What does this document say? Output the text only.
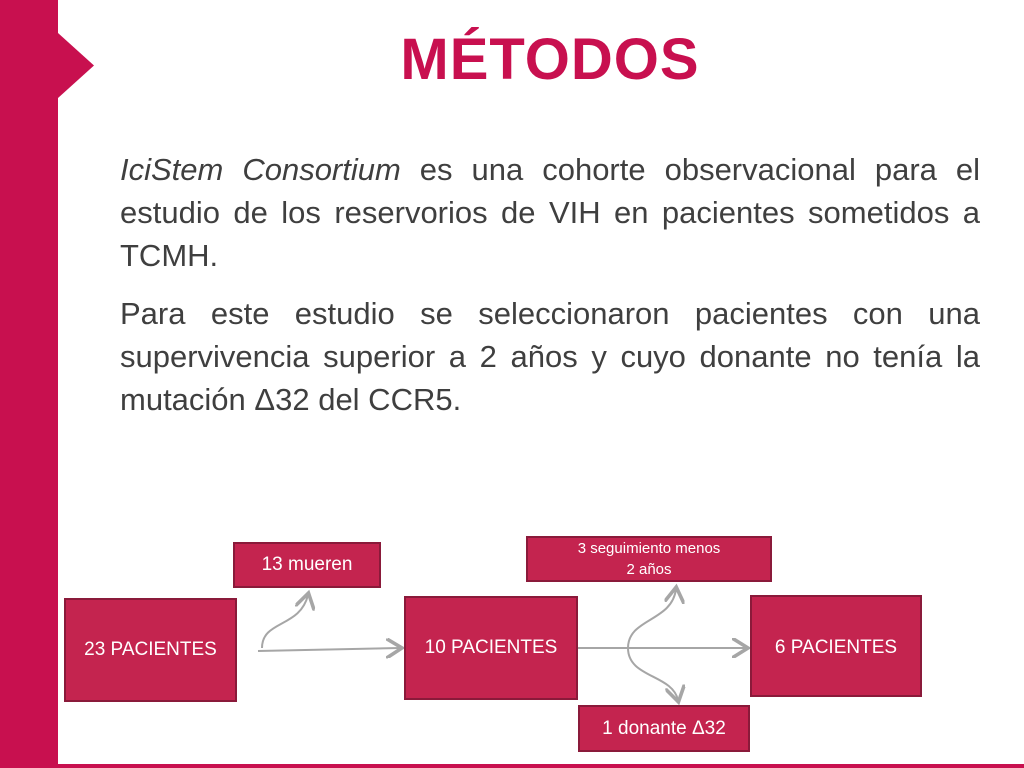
MÉTODOS
IciStem Consortium es una cohorte observacional para el estudio de los reservorios de VIH en pacientes sometidos a TCMH.
Para este estudio se seleccionaron pacientes con una supervivencia superior a 2 años y cuyo donante no tenía la mutación Δ32 del CCR5.
23 PACIENTES
13 mueren
10 PACIENTES
3 seguimiento menos
2 años
6 PACIENTES
1 donante Δ32
